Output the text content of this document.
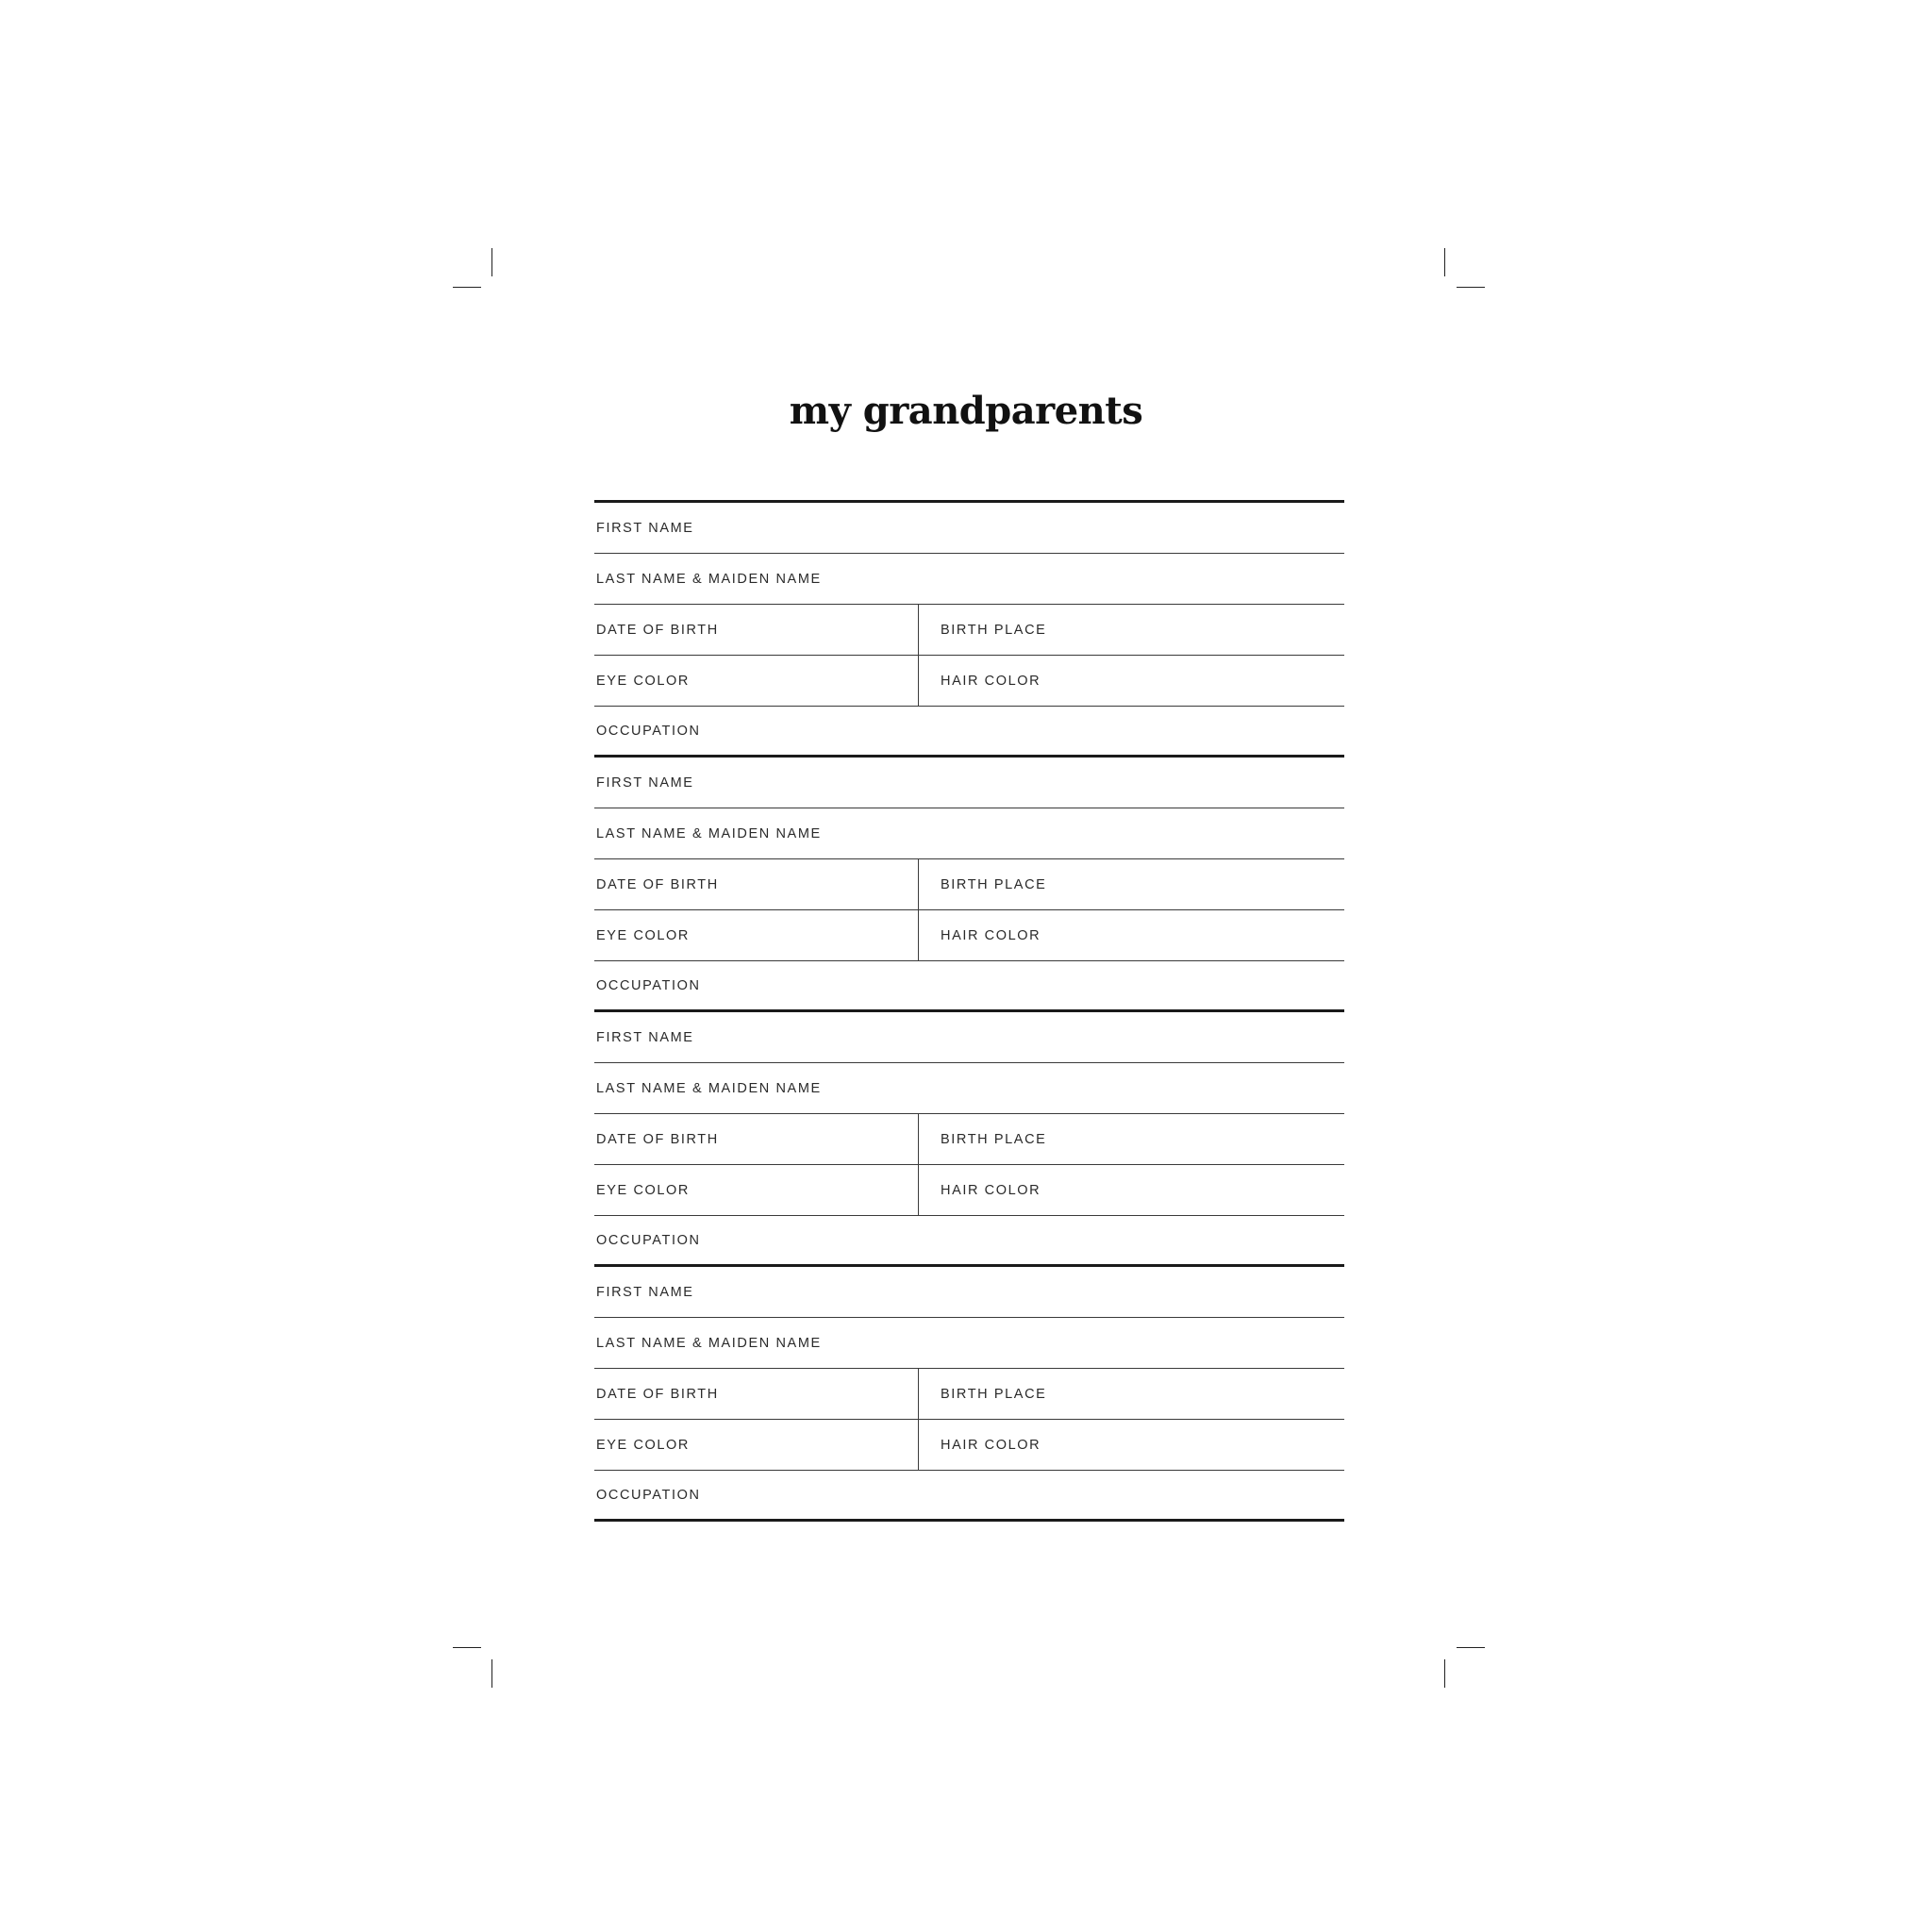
my grandparents
FIRST NAME
LAST NAME & MAIDEN NAME
DATE OF BIRTH	BIRTH PLACE
EYE COLOR	HAIR COLOR
OCCUPATION
FIRST NAME
LAST NAME & MAIDEN NAME
DATE OF BIRTH	BIRTH PLACE
EYE COLOR	HAIR COLOR
OCCUPATION
FIRST NAME
LAST NAME & MAIDEN NAME
DATE OF BIRTH	BIRTH PLACE
EYE COLOR	HAIR COLOR
OCCUPATION
FIRST NAME
LAST NAME & MAIDEN NAME
DATE OF BIRTH	BIRTH PLACE
EYE COLOR	HAIR COLOR
OCCUPATION
